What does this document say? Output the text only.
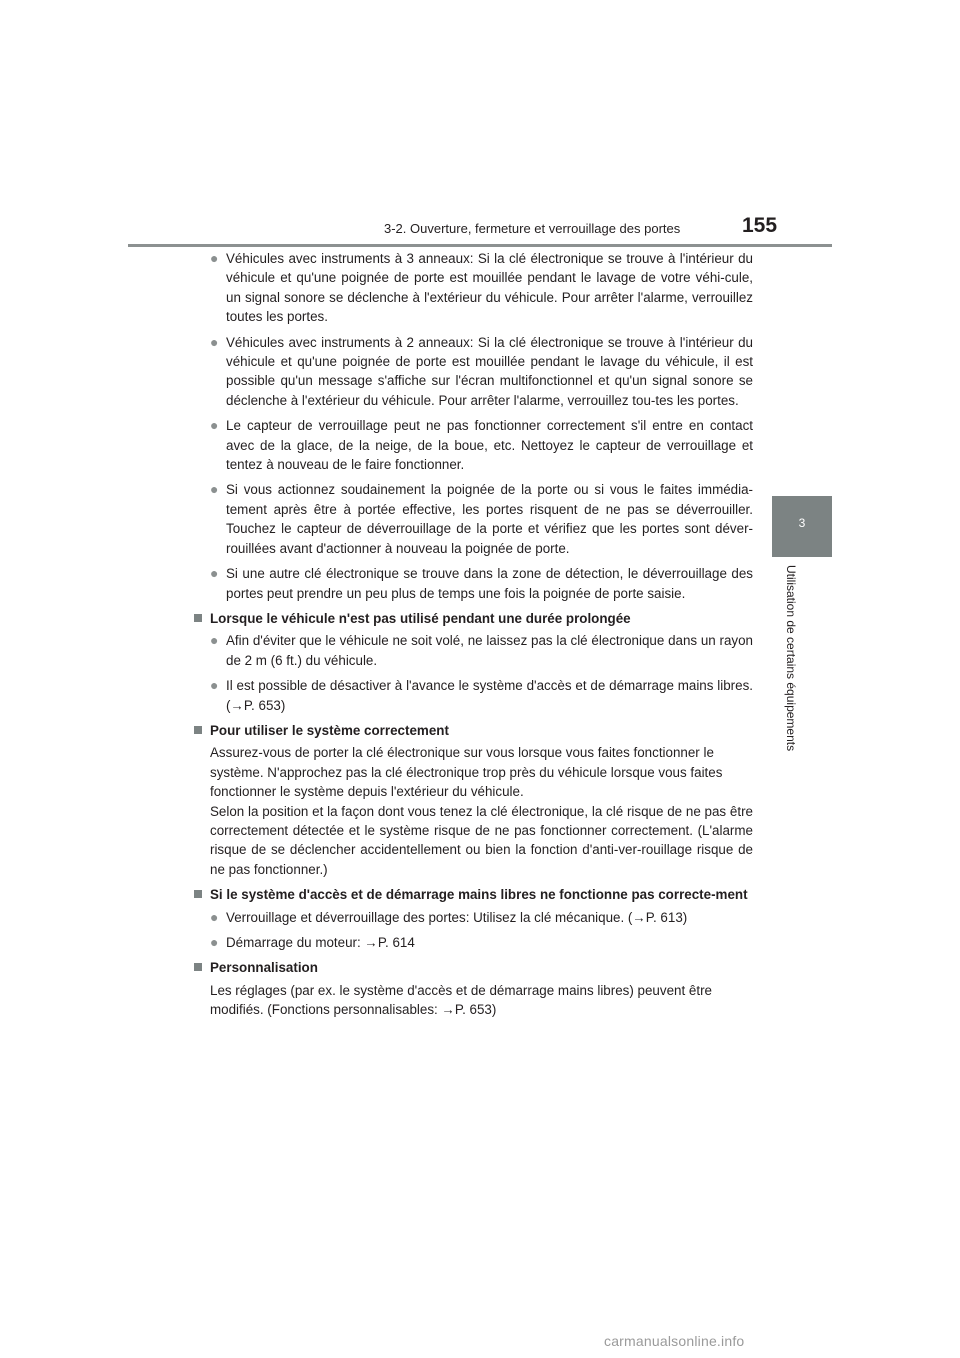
3-2. Ouverture, fermeture et verrouillage des portes	155
3
Utilisation de certains équipements
● Véhicules avec instruments à 3 anneaux: Si la clé électronique se trouve à l'intérieur du véhicule et qu'une poignée de porte est mouillée pendant le lavage de votre véhi-cule, un signal sonore se déclenche à l'extérieur du véhicule. Pour arrêter l'alarme, verrouillez toutes les portes.
● Véhicules avec instruments à 2 anneaux: Si la clé électronique se trouve à l'intérieur du véhicule et qu'une poignée de porte est mouillée pendant le lavage du véhicule, il est possible qu'un message s'affiche sur l'écran multifonctionnel et qu'un signal sonore se déclenche à l'extérieur du véhicule. Pour arrêter l'alarme, verrouillez tou-tes les portes.
● Le capteur de verrouillage peut ne pas fonctionner correctement s'il entre en contact avec de la glace, de la neige, de la boue, etc. Nettoyez le capteur de verrouillage et tentez à nouveau de le faire fonctionner.
● Si vous actionnez soudainement la poignée de la porte ou si vous le faites immédia-tement après être à portée effective, les portes risquent de ne pas se déverrouiller. Touchez le capteur de déverrouillage de la porte et vérifiez que les portes sont déver-rouillées avant d'actionner à nouveau la poignée de porte.
● Si une autre clé électronique se trouve dans la zone de détection, le déverrouillage des portes peut prendre un peu plus de temps une fois la poignée de porte saisie.
Lorsque le véhicule n'est pas utilisé pendant une durée prolongée
● Afin d'éviter que le véhicule ne soit volé, ne laissez pas la clé électronique dans un rayon de 2 m (6 ft.) du véhicule.
● Il est possible de désactiver à l'avance le système d'accès et de démarrage mains libres. (→P. 653)
Pour utiliser le système correctement
Assurez-vous de porter la clé électronique sur vous lorsque vous faites fonctionner le système. N'approchez pas la clé électronique trop près du véhicule lorsque vous faites fonctionner le système depuis l'extérieur du véhicule.
Selon la position et la façon dont vous tenez la clé électronique, la clé risque de ne pas être correctement détectée et le système risque de ne pas fonctionner correctement. (L'alarme risque de se déclencher accidentellement ou bien la fonction d'anti-ver-rouillage risque de ne pas fonctionner.)
Si le système d'accès et de démarrage mains libres ne fonctionne pas correcte-ment
● Verrouillage et déverrouillage des portes: Utilisez la clé mécanique. (→P. 613)
● Démarrage du moteur: →P. 614
Personnalisation
Les réglages (par ex. le système d'accès et de démarrage mains libres) peuvent être modifiés. (Fonctions personnalisables: →P. 653)
carmanualsonline.info
